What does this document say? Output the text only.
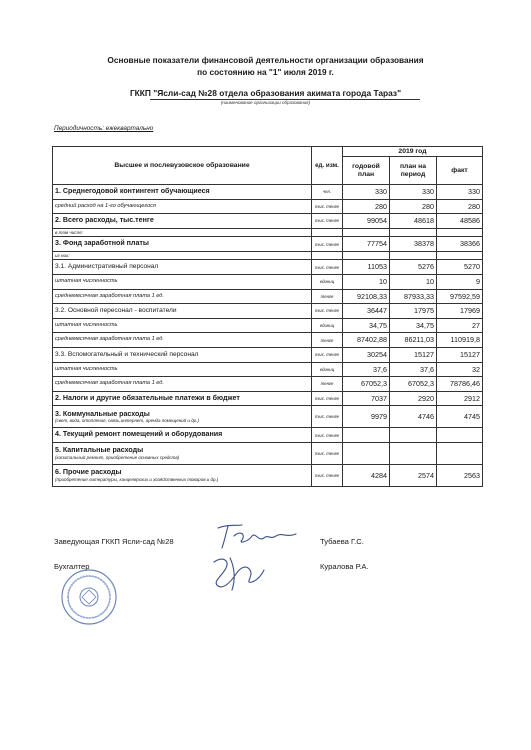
Основные показатели финансовой деятельности организации образования
по состоянию на "1" июля 2019 г.
ГККП "Ясли-сад №28 отдела образования акимата города Тараз"
(наименование организации образования)
Периодичность: ежеквартально
Высшее и послевузовское образование	ед. изм.	2019 год		
		годовой план	план на период	факт
1. Среднегодовой контингент обучающиеся	чел.	330	330	330
средний расход на 1-го обучающегося	тыс. тенге	280	280	280
2. Всего расходы, тыс.тенге	тыс. тенге	99054	48618	48586
в том числе:				
3. Фонд заработной платы	тыс. тенге	77754	38378	38366
из них:				
3.1. Административный персонал	тыс. тенге	11053	5276	5270
штатная численность	единиц	10	10	9
среднемесячная заработная плата 1 ед.	тенге	92108,33	87933,33	97592,59
3.2. Основной пересонал - воспитатели	тыс. тенге	36447	17975	17969
штатная численность	единиц	34,75	34,75	27
среднемесячная заработная плата 1 ед.	тенге	87402,88	86211,03	110919,8
3.3. Вспомогательный и технический персонал	тыс. тенге	30254	15127	15127
штатная численность	единиц	37,6	37,6	32
среднемесячная заработная плата 1 ед.	тенге	67052,3	67052,3	78786,46
2. Налоги и другие обязательные платежи в бюджет	тыс. тенге	7037	2920	2912
3. Коммунальные расходы
(свет, вода, отопление, связь,интернет, аренда помещений и др.)	тыс. тенге	9979	4746	4745
4. Текущий ремонт помещений и оборудования	тыс. тенге			
5. Капитальные расходы
(капитальный ремонт, приобретение основных средств)	тыс. тенге			
6. Прочие расходы
(приобретение литературы, канцелярских и хозяйственных товаров и др.)	тыс. тенге	4284	2574	2563
Заведующая ГККП Ясли-сад №28	Тубаева Г.С.
Бухгалтер	Куралова Р.А.
